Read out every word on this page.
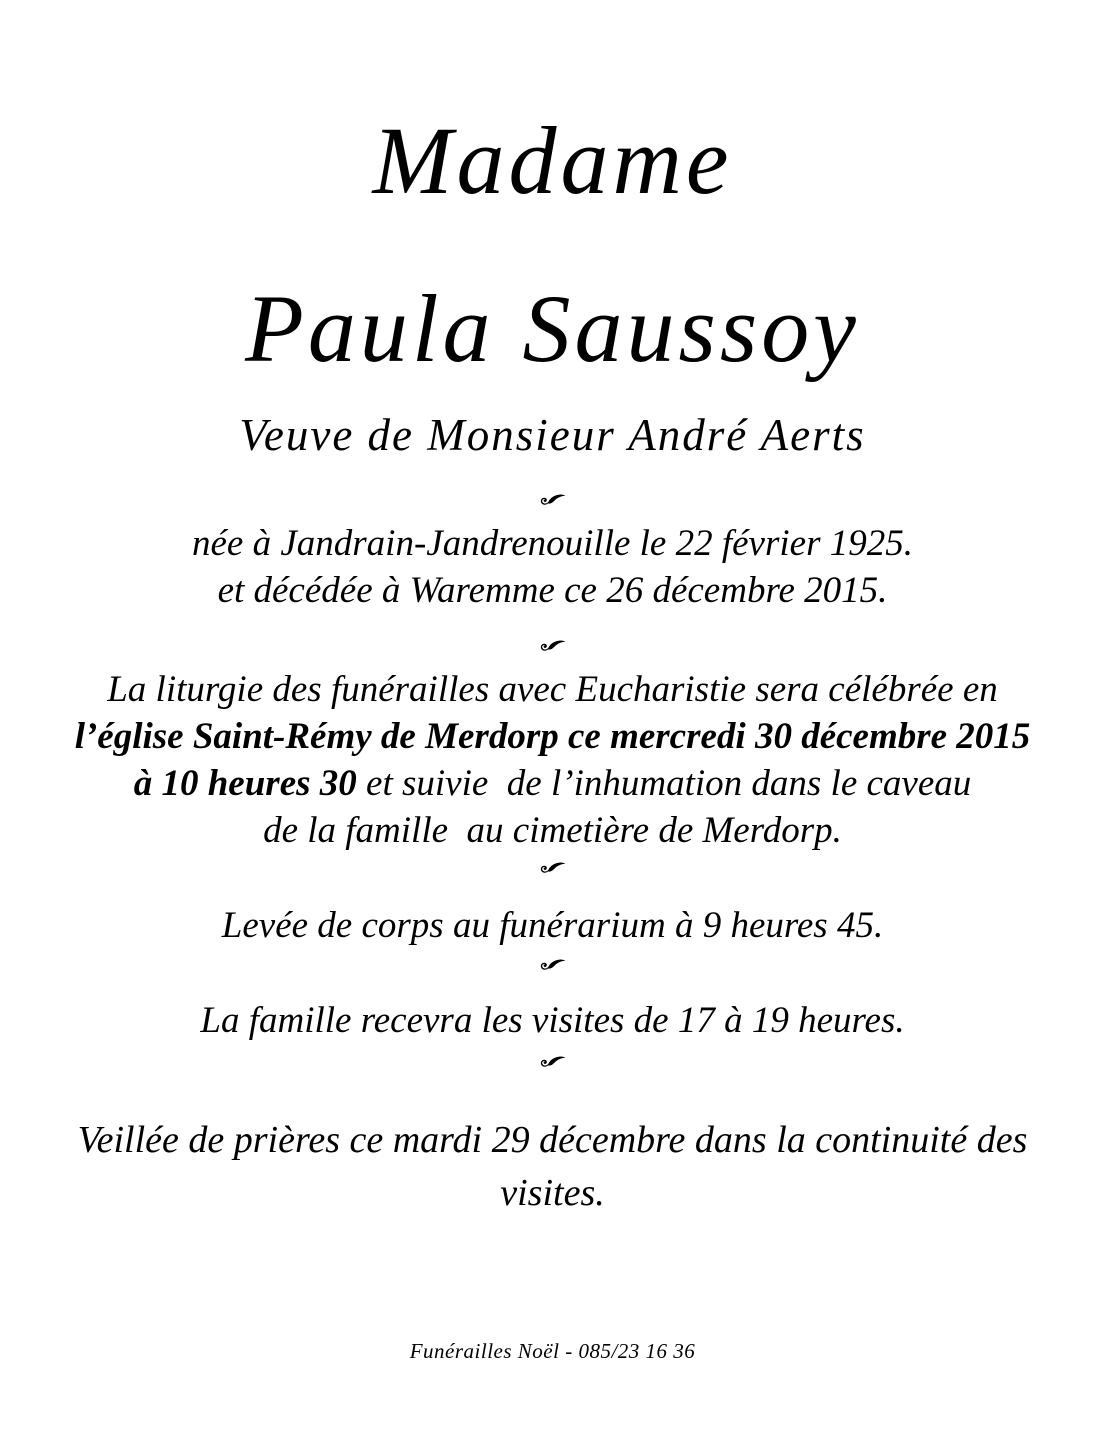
Madame
Paula Saussoy
Veuve de Monsieur André Aerts
née à Jandrain-Jandrenouille le 22 février 1925.
et décédée à Waremme ce 26 décembre 2015.
La liturgie des funérailles avec Eucharistie sera célébrée en
l’église Saint-Rémy de Merdorp ce mercredi 30 décembre 2015
à 10 heures 30 et suivie  de l’inhumation dans le caveau
de la famille  au cimetière de Merdorp.
Levée de corps au funérarium à 9 heures 45.
La famille recevra les visites de 17 à 19 heures.
Veillée de prières ce mardi 29 décembre dans la continuité des visites.
Funérailles Noël - 085/23 16 36
